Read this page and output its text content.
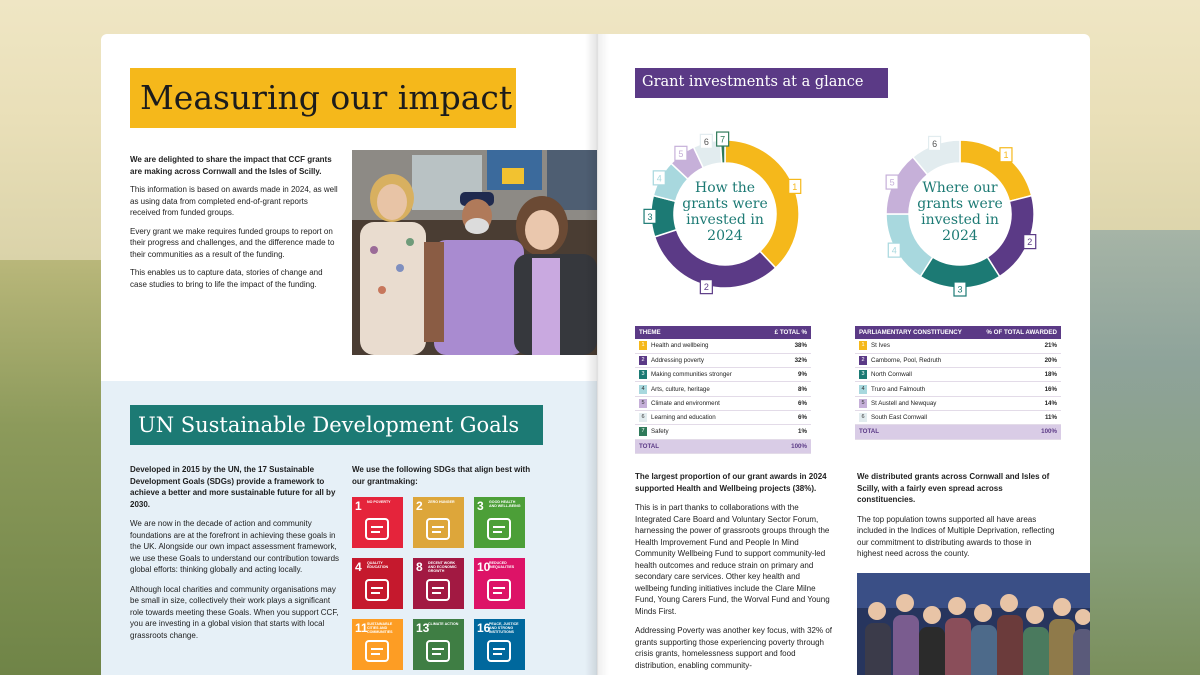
Measuring our impact

We are delighted to share the impact that CCF grants are making across Cornwall and the Isles of Scilly.

This information is based on awards made in 2024, as well as using data from completed end-of-grant reports received from funded groups.

Every grant we make requires funded groups to report on their progress and challenges, and the difference made to their communities as a result of the funding.

This enables us to capture data, stories of change and case studies to bring to life the impact of the funding.

UN Sustainable Development Goals

Developed in 2015 by the UN, the 17 Sustainable Development Goals (SDGs) provide a framework to achieve a better and more sustainable future for all by 2030.

We are now in the decade of action and community foundations are at the forefront in achieving these goals in the UK. Alongside our own impact assessment framework, we use these Goals to understand our contribution towards global efforts: thinking globally and acting locally.

Although local charities and community organisations may be small in size, collectively their work plays a significant role towards meeting these Goals. When you support CCF, you are investing in a global vision that starts with local grassroots change.

We use the following SDGs that align best with our grantmaking:
1 NO POVERTY	2 ZERO HUNGER	3 GOOD HEALTH AND WELL-BEING
4 QUALITY EDUCATION	8 DECENT WORK AND ECONOMIC GROWTH	10
REDUCED INEQUALITIES
11 SUSTAINABLE CITIES AND COMMUNITIES	13
CLIMATE ACTION	16
PEACE, JUSTICE AND STRONG INSTITUTIONS
Grant investments at a glance
1
2
3
4
5
6 7
How the grants were invested in 2024
1
2
3
4
5
6
Where our grants were invested in 2024
THEME	£ TOTAL %
1 Health and wellbeing	38%
2 Addressing poverty	32%
3 Making communities stronger	9%
4 Arts, culture, heritage	8%
5 Climate and environment	6%
6 Learning and education	6%
7 Safety	1%
TOTAL	100%
PARLIAMENTARY CONSTITUENCY	% OF TOTAL AWARDED
1 St Ives	21%
2 Camborne, Pool, Redruth	20%
3 North Cornwall	18%
4 Truro and Falmouth	16%
5 St Austell and Newquay	14%
6 South East Cornwall	11%
TOTAL	100%

The largest proportion of our grant awards in 2024 supported Health and Wellbeing projects (38%).

This is in part thanks to collaborations with the Integrated Care Board and Voluntary Sector Forum, harnessing the power of grassroots groups through the Health Improvement Fund and People In Mind Community Wellbeing Fund to support community-led health outcomes and reduce strain on primary and secondary care services. Other key health and wellbeing funding initiatives include the Clare Milne Fund, Young Carers Fund, the Worval Fund and Young Minds First.

Addressing Poverty was another key focus, with 32% of grants supporting those experiencing poverty through crisis grants, homelessness support and food distribution, enabling community-

We distributed grants across Cornwall and Isles of Scilly, with a fairly even spread across constituencies.

The top population towns supported all have areas included in the Indices of Multiple Deprivation, reflecting our commitment to distributing awards to those in highest need across the county.
